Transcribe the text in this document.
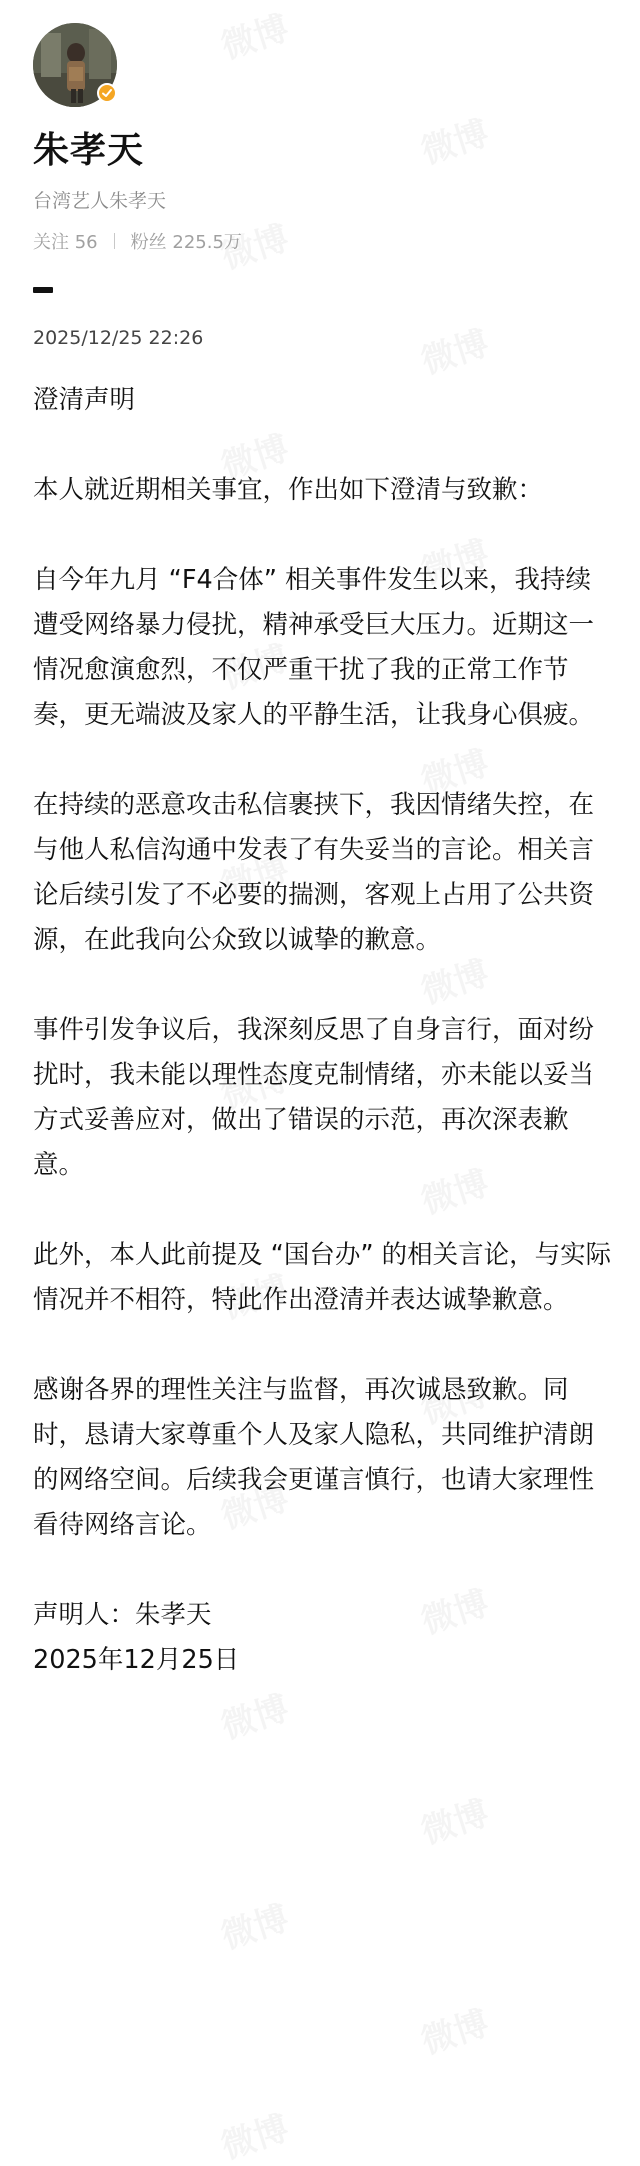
朱孝天
台湾艺人朱孝天
关注 56 粉丝 225.5万
2025/12/25 22:26

澄清声明

本人就近期相关事宜，作出如下澄清与致歉：

自今年九月 “F4合体” 相关事件发生以来，我持续遭受网络暴力侵扰，精神承受巨大压力。近期这一情况愈演愈烈，不仅严重干扰了我的正常工作节奏，更无端波及家人的平静生活，让我身心俱疲。

在持续的恶意攻击私信裹挟下，我因情绪失控，在与他人私信沟通中发表了有失妥当的言论。相关言论后续引发了不必要的揣测，客观上占用了公共资源，在此我向公众致以诚挚的歉意。

事件引发争议后，我深刻反思了自身言行，面对纷扰时，我未能以理性态度克制情绪，亦未能以妥当方式妥善应对，做出了错误的示范，再次深表歉意。

此外，本人此前提及 “国台办” 的相关言论，与实际情况并不相符，特此作出澄清并表达诚挚歉意。

感谢各界的理性关注与监督，再次诚恳致歉。同时，恳请大家尊重个人及家人隐私，共同维护清朗的网络空间。后续我会更谨言慎行，也请大家理性看待网络言论。

声明人：朱孝天

2025年12月25日
